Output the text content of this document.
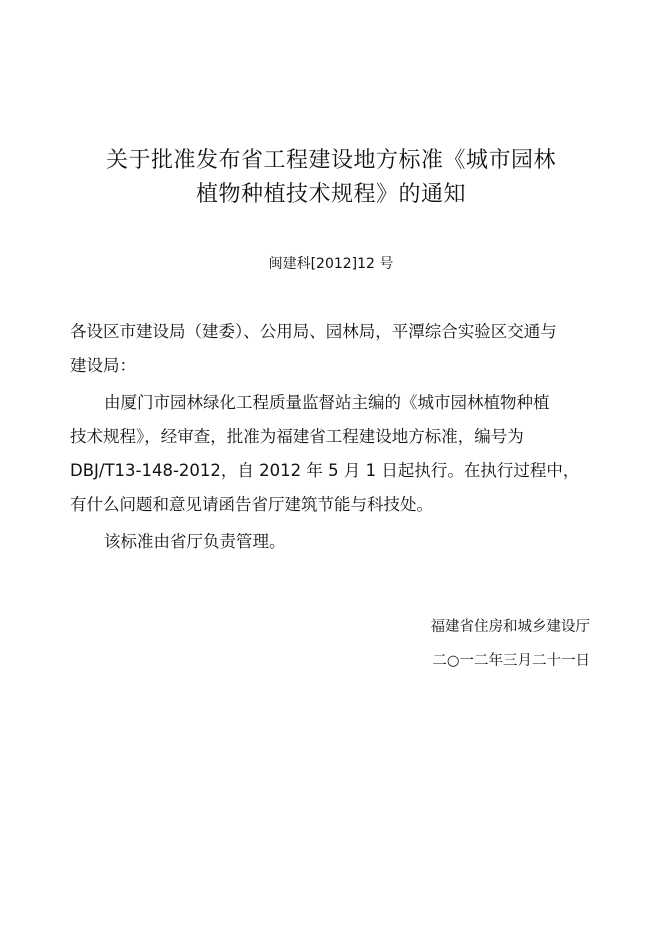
关于批准发布省工程建设地方标准《城市园林
植物种植技术规程》的通知
闽建科[2012]12 号
各设区市建设局（建委）、公用局、园林局，平潭综合实验区交通与
建设局：
由厦门市园林绿化工程质量监督站主编的《城市园林植物种植
技术规程》，经审查，批准为福建省工程建设地方标准，编号为
DBJ/T13-148-2012，自 2012 年 5 月 1 日起执行。在执行过程中，
有什么问题和意见请函告省厅建筑节能与科技处。
该标准由省厅负责管理。
福建省住房和城乡建设厅
二○一二年三月二十一日
